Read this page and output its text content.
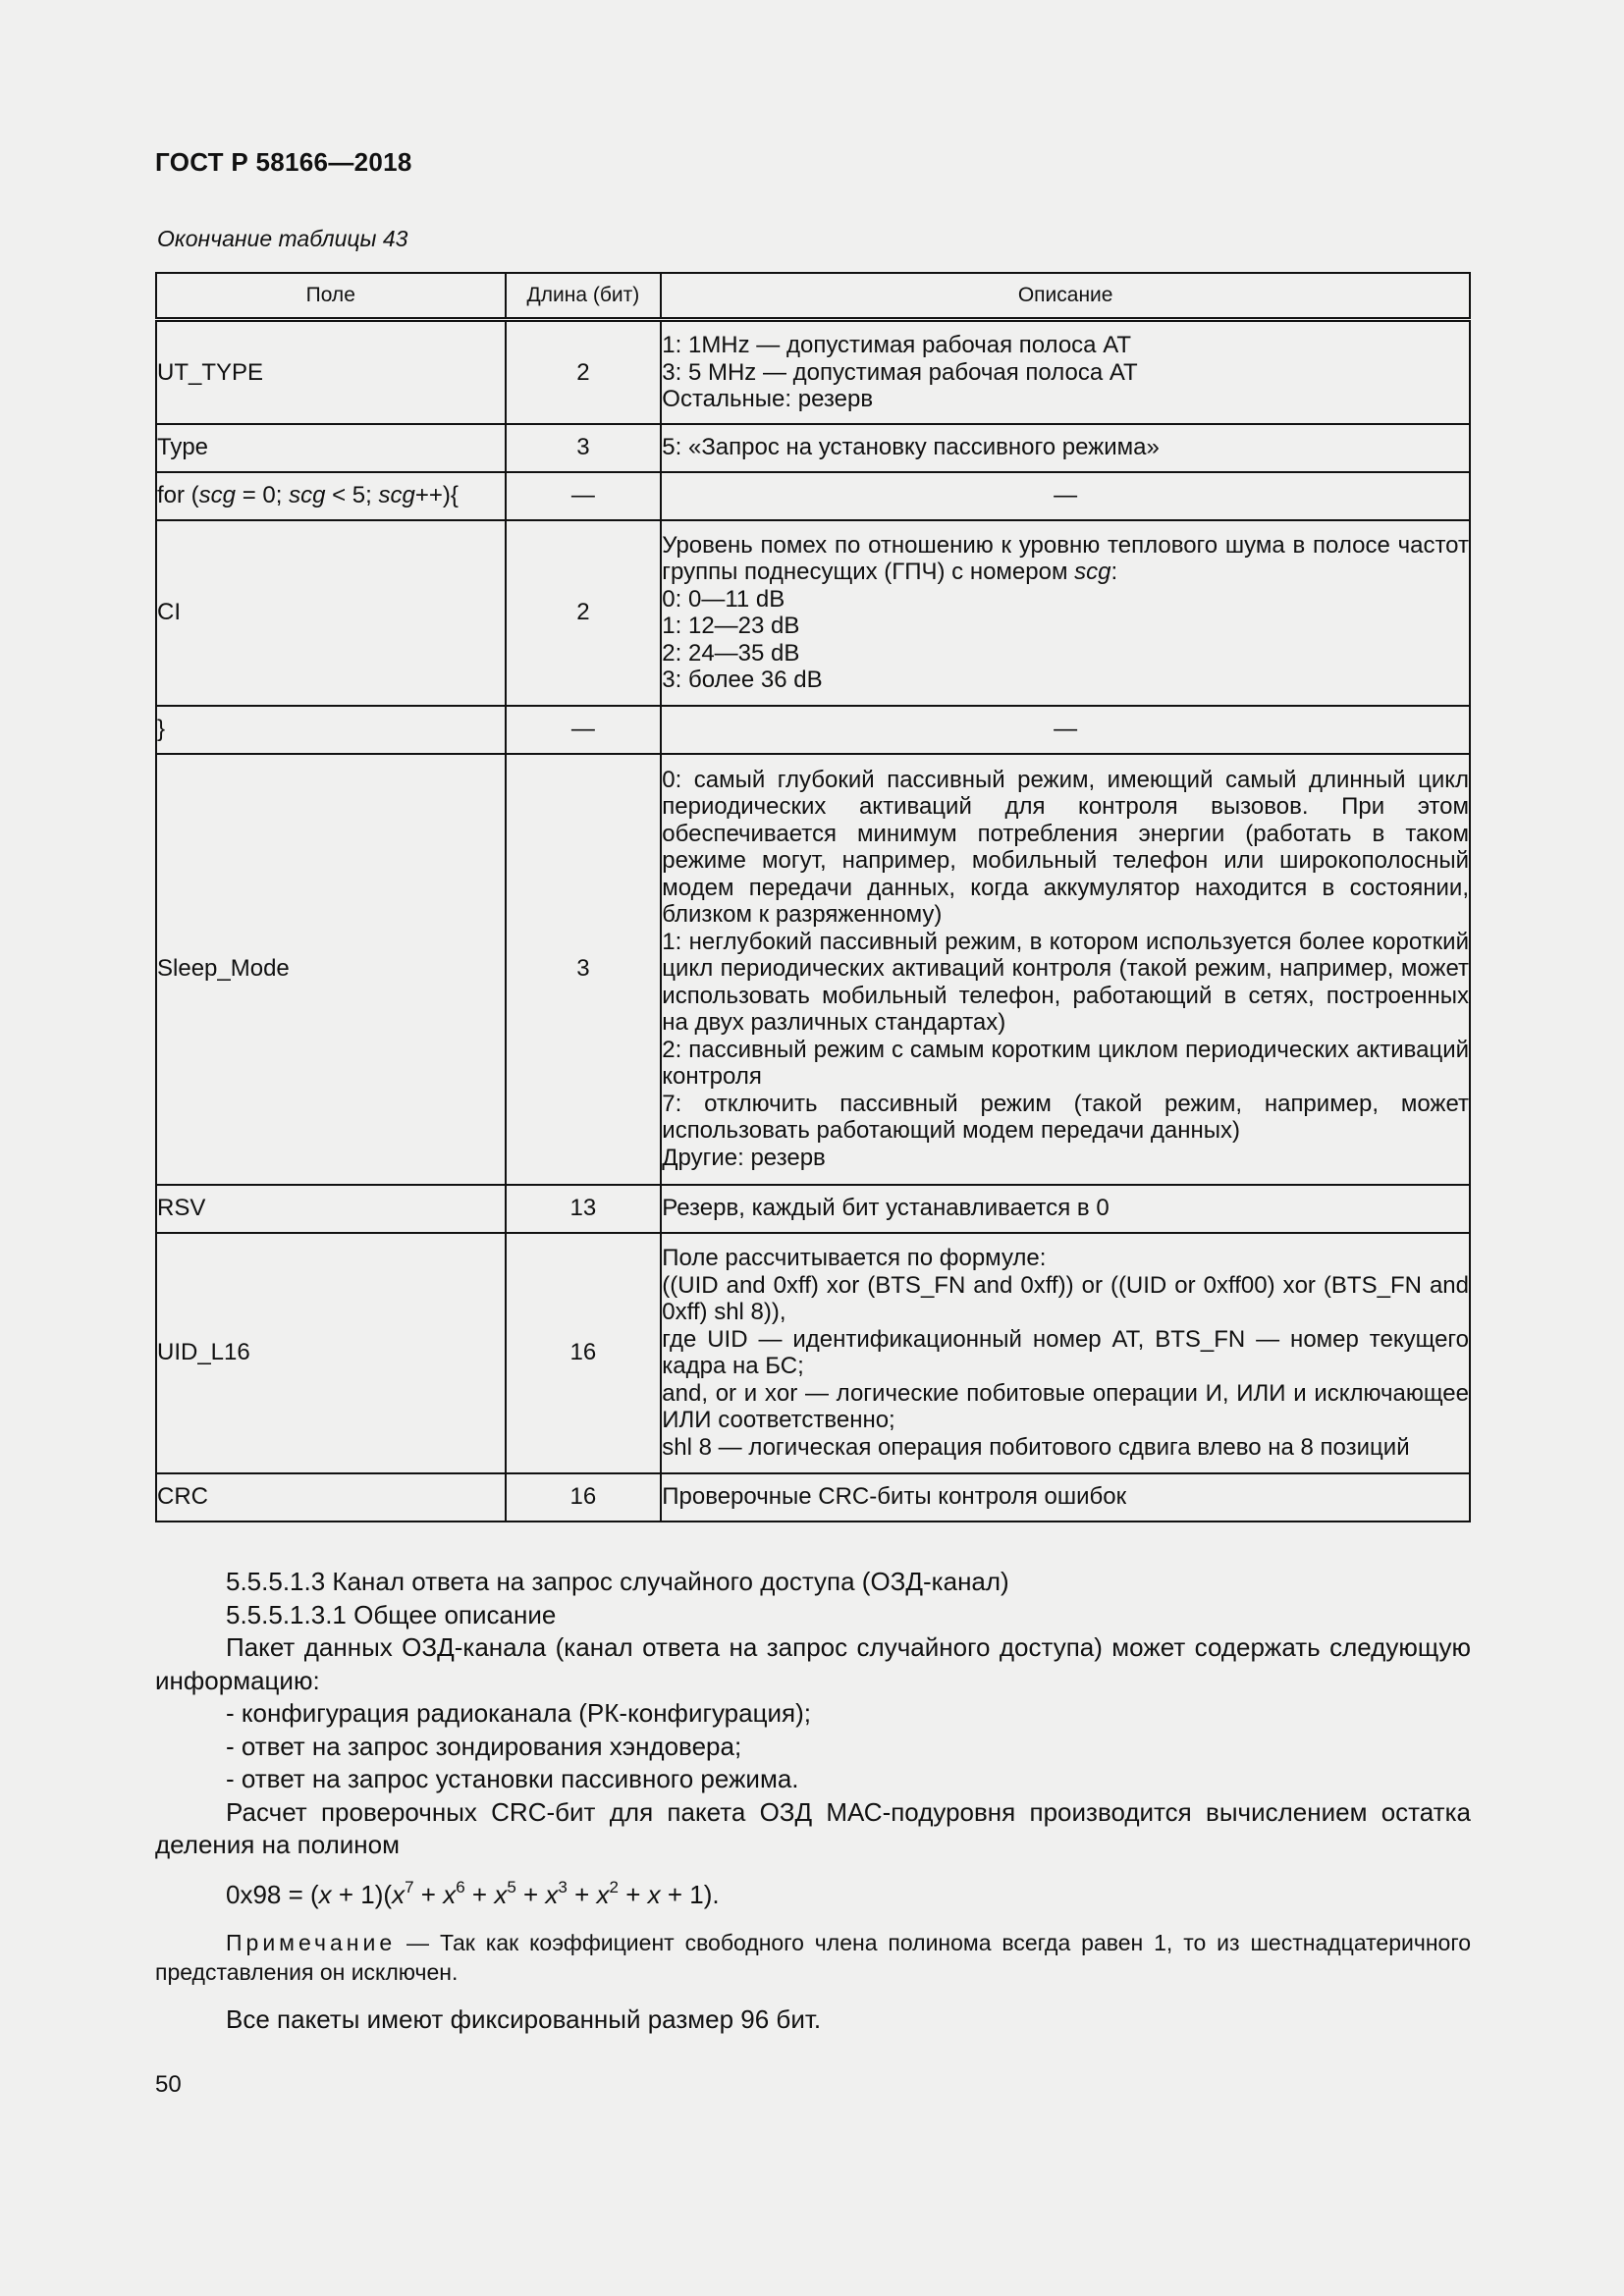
ГОСТ Р 58166—2018
Окончание таблицы 43
Поле	Длина (бит)	Описание
UT_TYPE	2	1: 1MHz — допустимая рабочая полоса АТ
3: 5 MHz — допустимая рабочая полоса АТ
Остальные: резерв

Type	3	5: «Запрос на установку пассивного режима»
for (scg = 0; scg < 5; scg++){	—	—
CI	2	Уровень помех по отношению к уровню теплового шума в полосе частот группы поднесущих (ГПЧ) с номером scg:
0: 0—11 dB
1: 12—23 dB
2: 24—35 dB
3: более 36 dB

}	—	—
Sleep_Mode	3	0: самый глубокий пассивный режим, имеющий самый длинный цикл периодических активаций для контроля вызовов. При этом обеспечивается минимум потребления энергии (работать в таком режиме могут, например, мобильный телефон или широкополосный модем передачи данных, когда аккумулятор находится в состоянии, близком к разряженному)
1: неглубокий пассивный режим, в котором используется более короткий цикл периодических активаций контроля (такой режим, например, может использовать мобильный телефон, работающий в сетях, построенных на двух различных стандартах)
2: пассивный режим с самым коротким циклом периодических активаций контроля
7: отключить пассивный режим (такой режим, например, может использовать работающий модем передачи данных)
Другие: резерв

RSV	13	Резерв, каждый бит устанавливается в 0
UID_L16	16	Поле рассчитывается по формуле:
((UID and 0xff) xor (BTS_FN and 0xff)) or ((UID or 0xff00) xor (BTS_FN and 0xff) shl 8)),
где UID — идентификационный номер АТ, BTS_FN — номер текущего кадра на БС;
and, or и xor — логические побитовые операции И, ИЛИ и исключающее ИЛИ соответственно;
shl 8 — логическая операция побитового сдвига влево на 8 позиций

CRC	16	Проверочные CRC-биты контроля ошибок

5.5.5.1.3 Канал ответа на запрос случайного доступа (ОЗД-канал)

5.5.5.1.3.1 Общее описание

Пакет данных ОЗД-канала (канал ответа на запрос случайного доступа) может содержать следующую информацию:

- конфигурация радиоканала (РК-конфигурация);

- ответ на запрос зондирования хэндовера;

- ответ на запрос установки пассивного режима.

Расчет проверочных CRC-бит для пакета ОЗД МАС-подуровня производится вычислением остатка деления на полином

$0x98 = (x + 1)(x^7 + x^6 + x^5 + x^3 + x^2 + x + 1)$.

Примечание — Так как коэффициент свободного члена полинома всегда равен 1, то из шестнадцатеричного представления он исключен.

Все пакеты имеют фиксированный размер 96 бит.

50
